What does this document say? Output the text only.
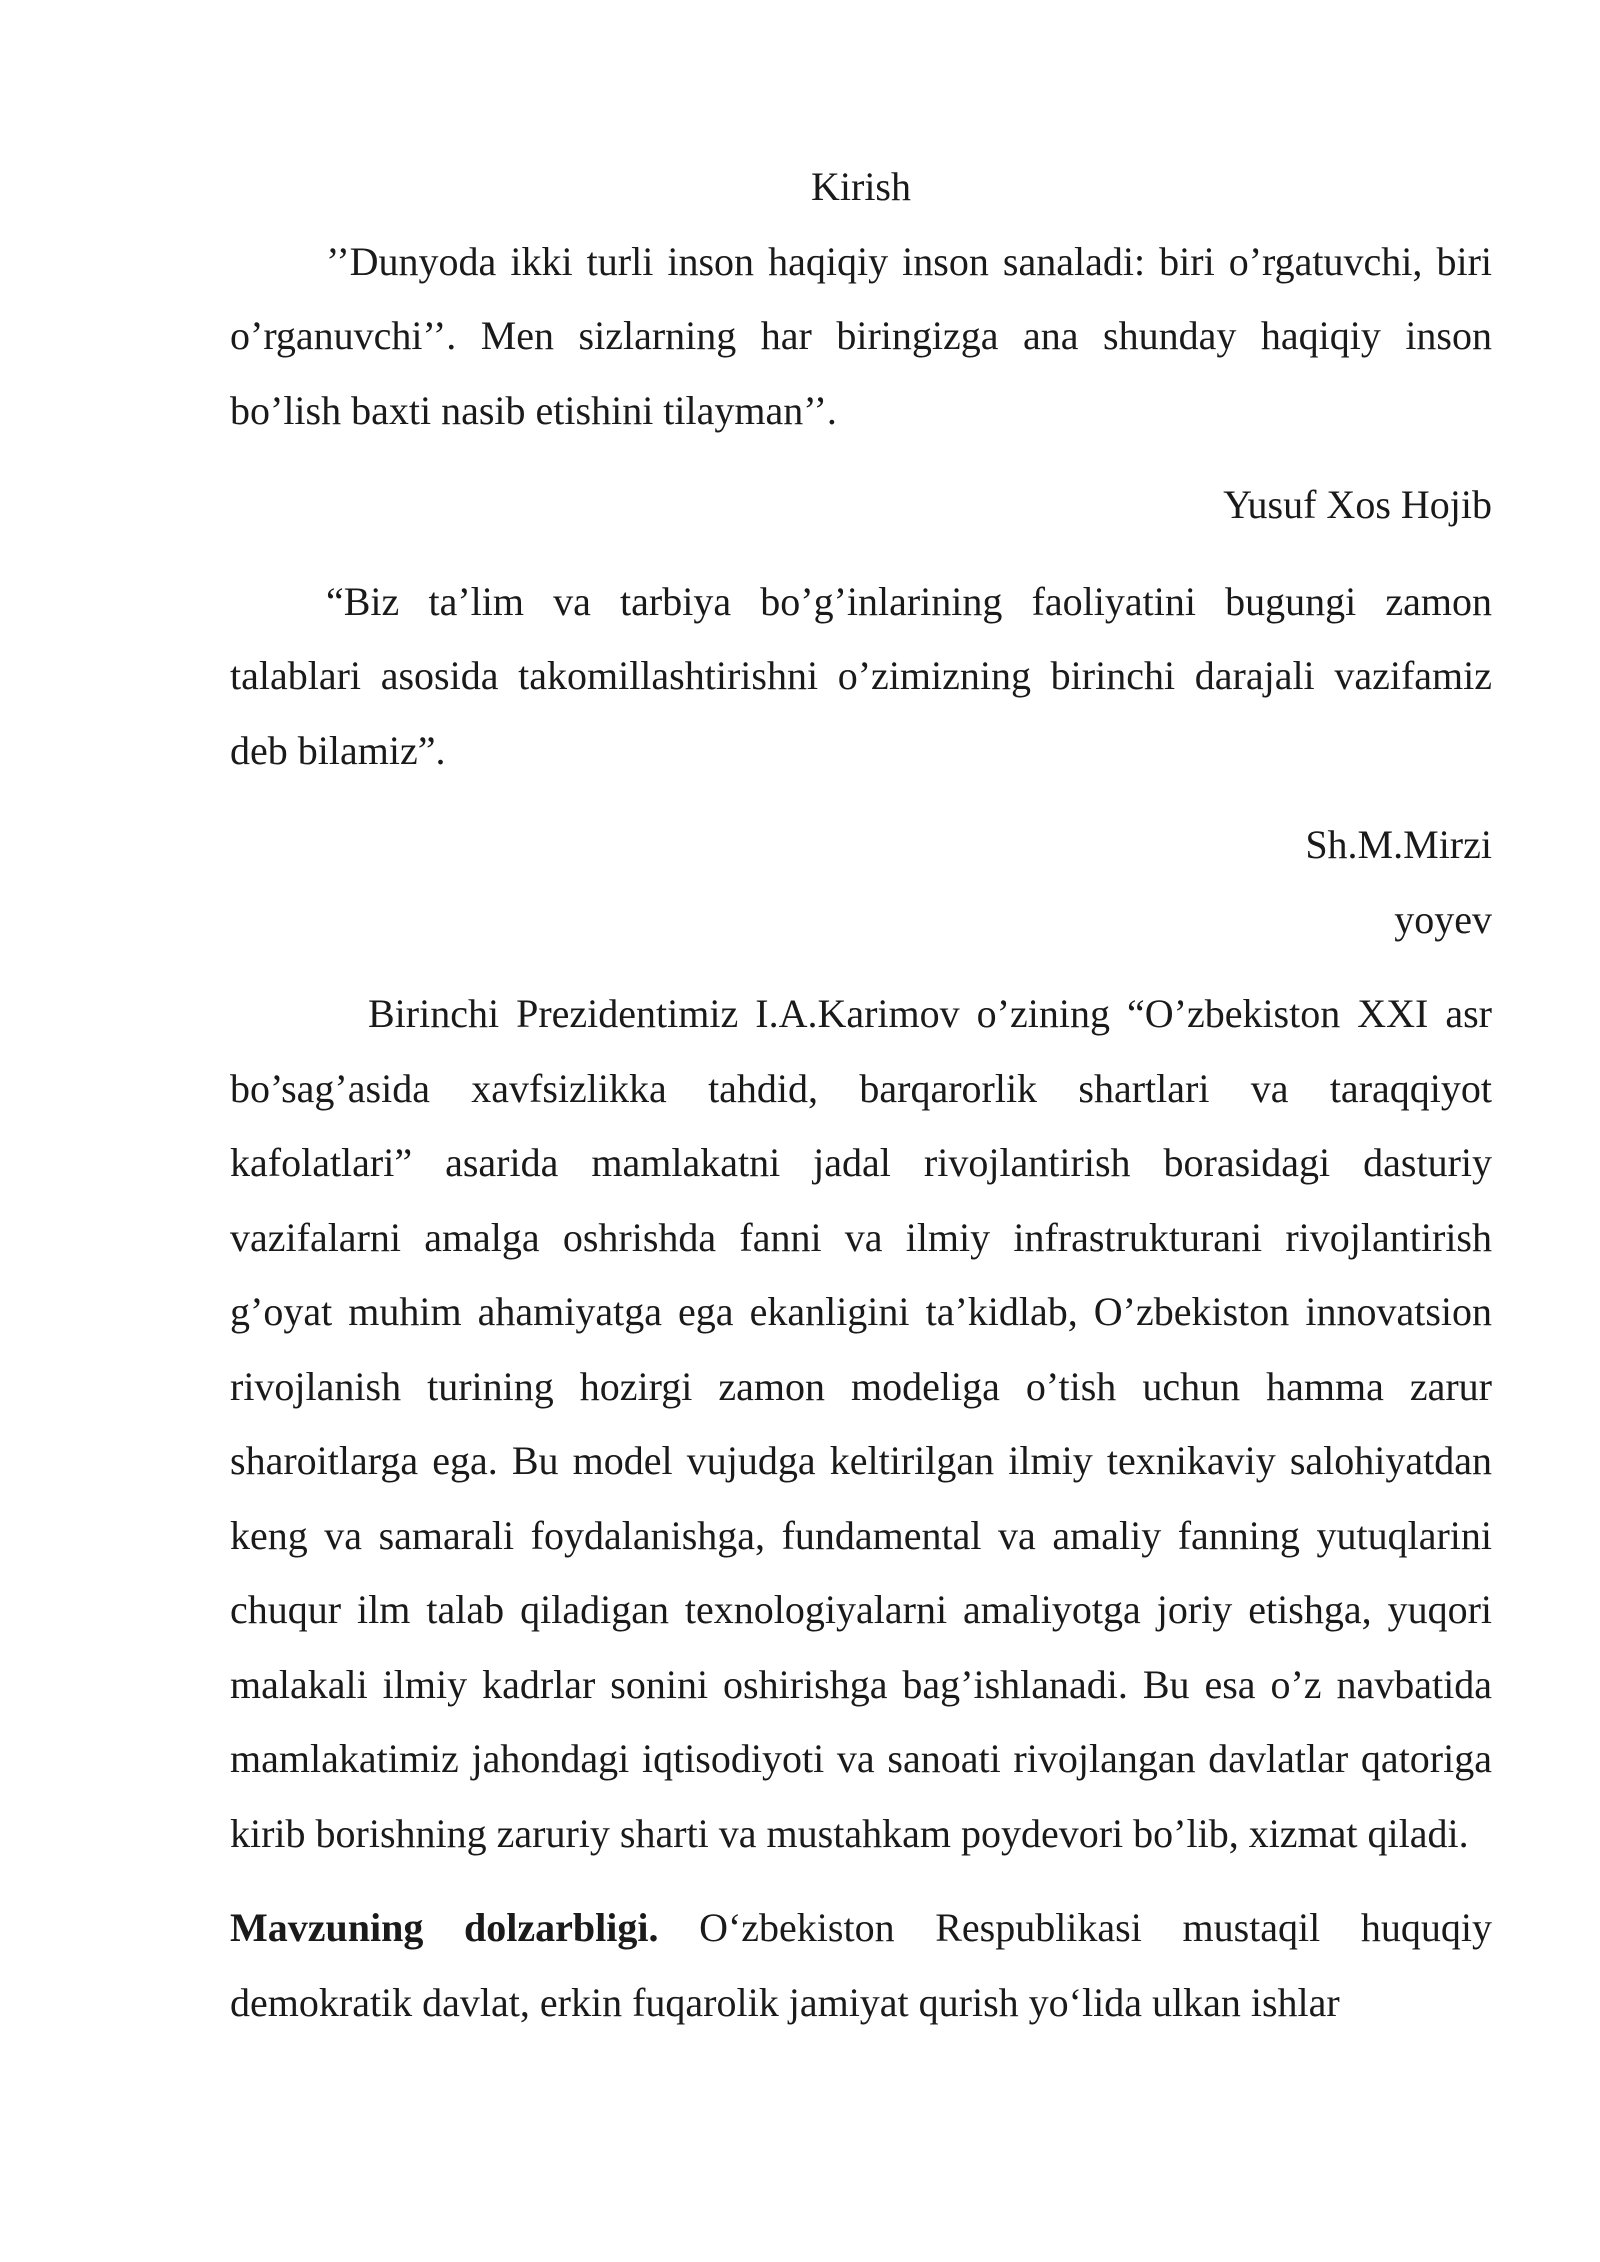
Kirish

’’Dunyoda ikki turli inson haqiqiy inson sanaladi: biri o’rgatuvchi, biri o’rganuvchi’’. Men sizlarning har biringizga ana shunday haqiqiy inson bo’lish baxti nasib etishini tilayman’’.

Yusuf Xos Hojib

“Biz ta’lim va tarbiya bo’g’inlarining faoliyatini bugungi zamon talablari asosida takomillashtirishni o’zimizning birinchi darajali vazifamiz deb bilamiz”.

Sh.M.Mirzi
yoyev

Birinchi Prezidentimiz I.A.Karimov o’zining “O’zbekiston XXI asr bo’sag’asida xavfsizlikka tahdid, barqarorlik shartlari va taraqqiyot kafolatlari” asarida mamlakatni jadal rivojlantirish borasidagi dasturiy vazifalarni amalga oshrishda fanni va ilmiy infrastrukturani rivojlantirish g’oyat muhim ahamiyatga ega ekanligini ta’kidlab, O’zbekiston innovatsion rivojlanish turining hozirgi zamon modeliga o’tish uchun hamma zarur sharoitlarga ega. Bu model vujudga keltirilgan ilmiy texnikaviy salohiyatdan keng va samarali foydalanishga, fundamental va amaliy fanning yutuqlarini chuqur ilm talab qiladigan texnologiyalarni amaliyotga joriy etishga, yuqori malakali ilmiy kadrlar sonini oshirishga bag’ishlanadi. Bu esa o’z navbatida mamlakatimiz jahondagi iqtisodiyoti va sanoati rivojlangan davlatlar qatoriga kirib borishning zaruriy sharti va mustahkam poydevori bo’lib, xizmat qiladi.

Mavzuning dolzarbligi. O‘zbekiston Respublikasi mustaqil huquqiy demokratik davlat, erkin fuqarolik jamiyat qurish yo‘lida ulkan ishlar
